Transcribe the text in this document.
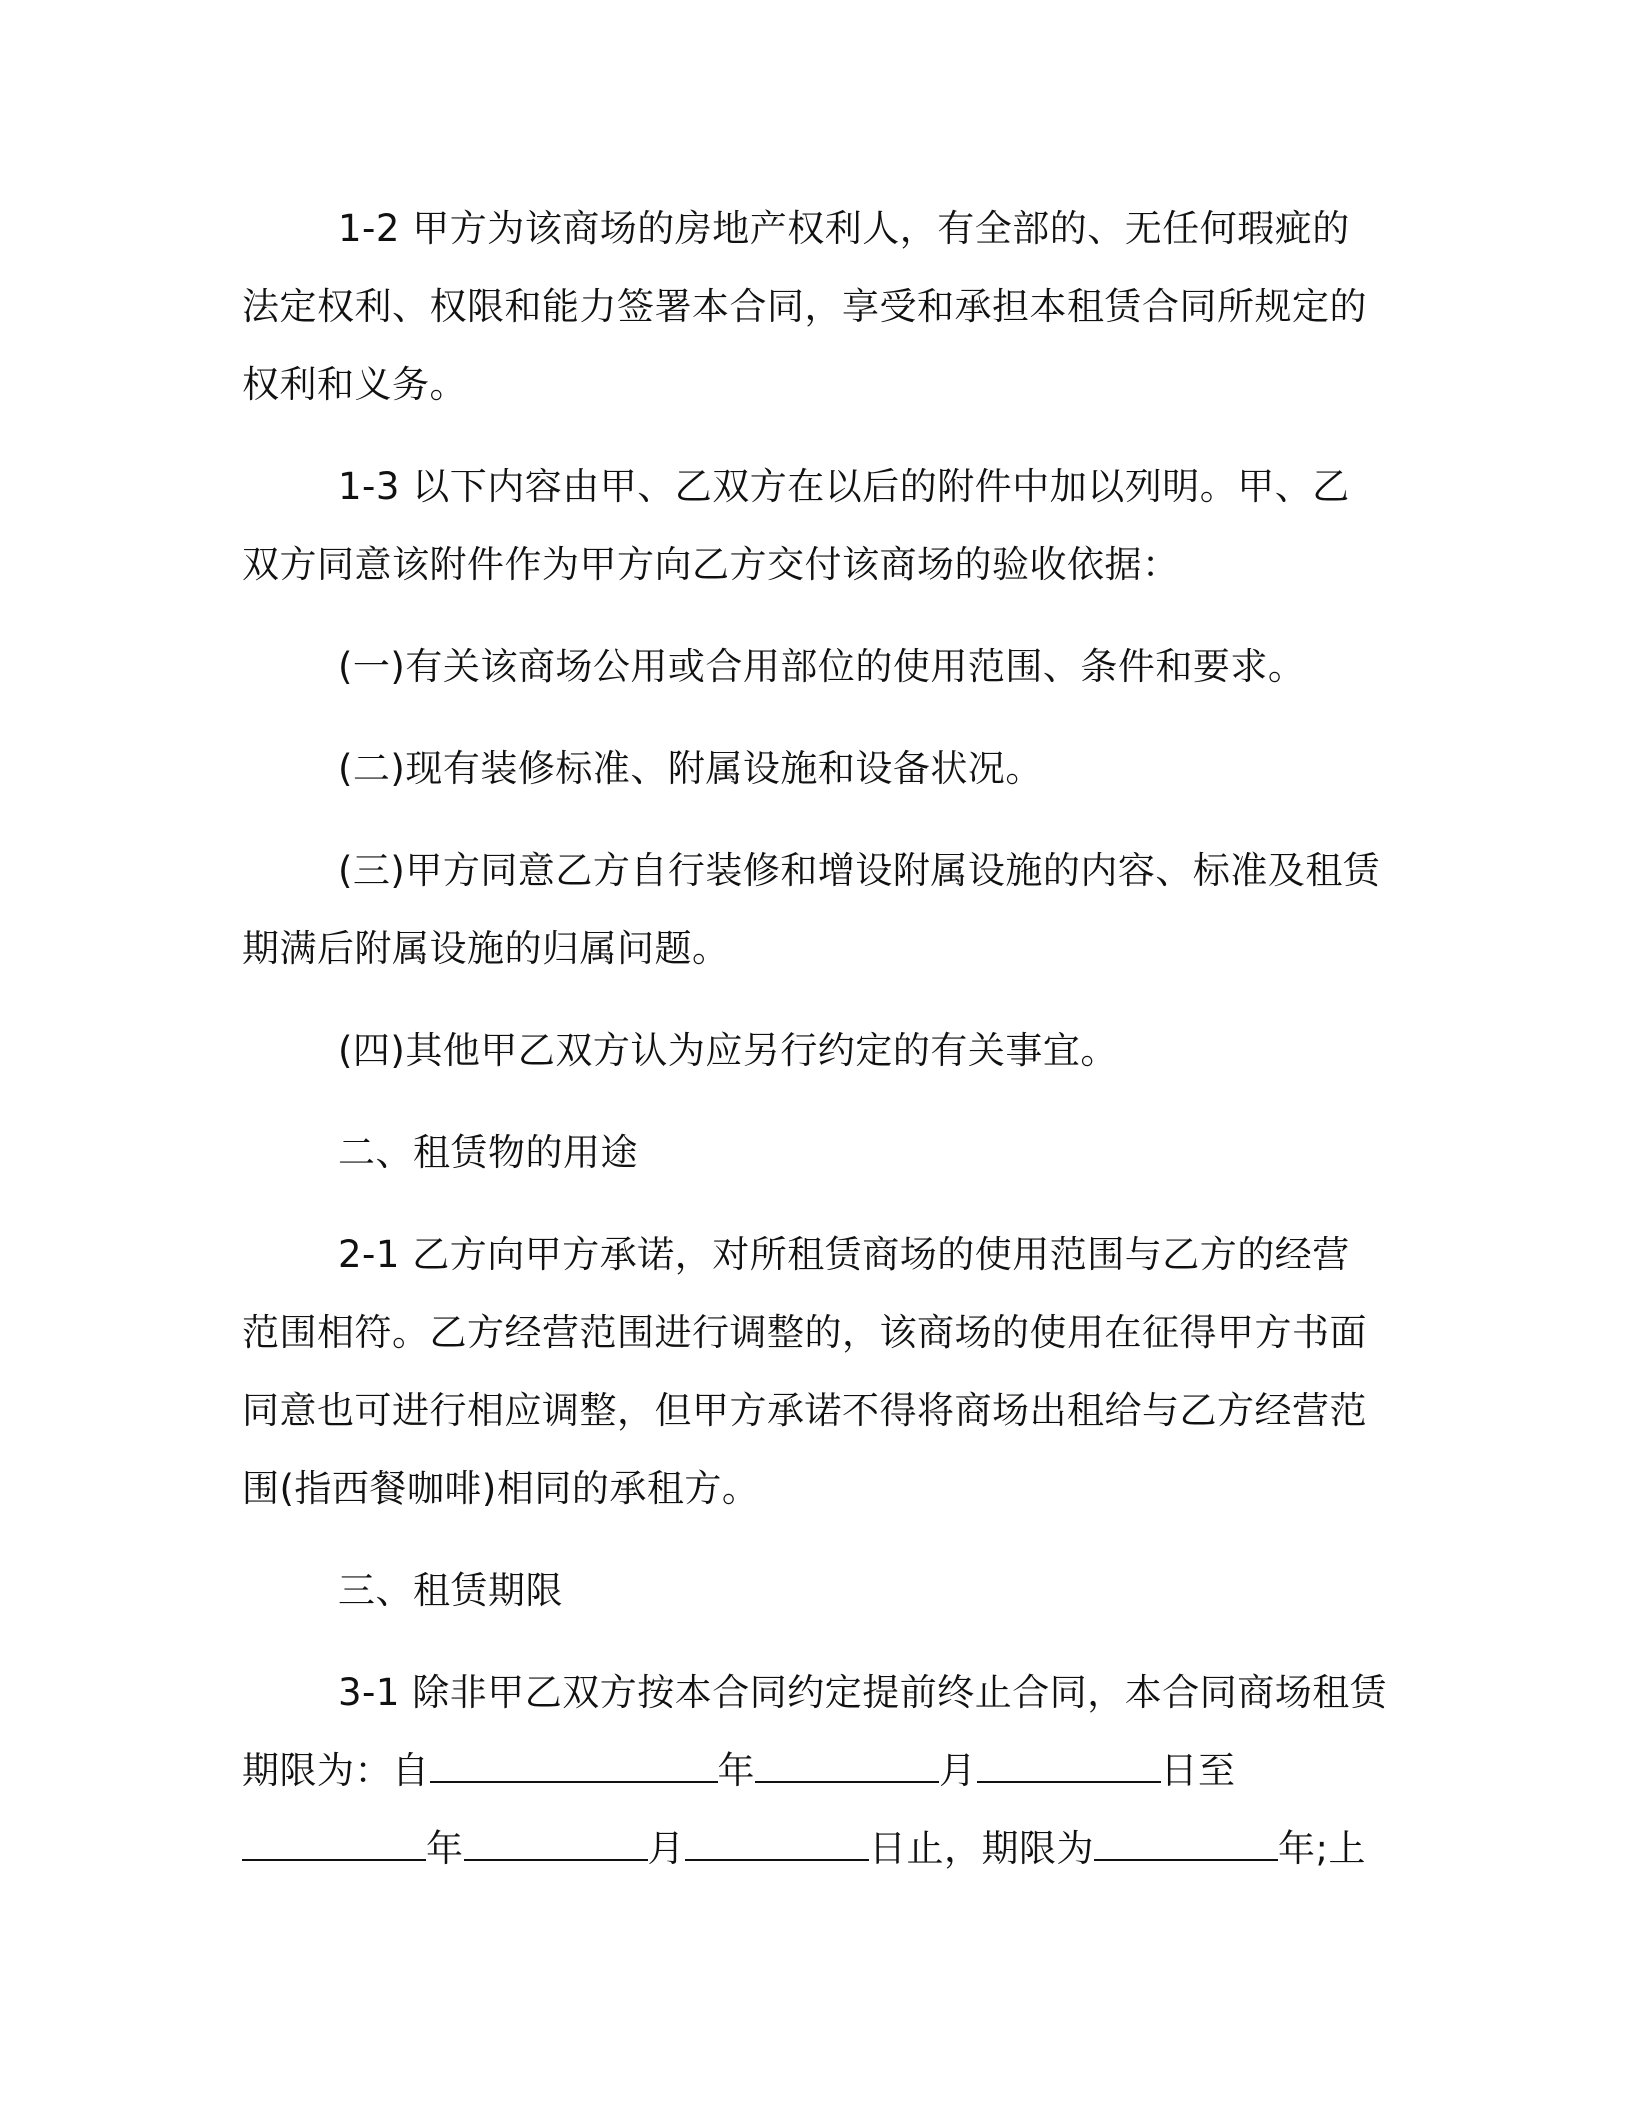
1-2 甲方为该商场的房地产权利人，有全部的、无任何瑕疵的法定权利、权限和能力签署本合同，享受和承担本租赁合同所规定的权利和义务。

1-3 以下内容由甲、乙双方在以后的附件中加以列明。甲、乙双方同意该附件作为甲方向乙方交付该商场的验收依据：

(一)有关该商场公用或合用部位的使用范围、条件和要求。

(二)现有装修标准、附属设施和设备状况。

(三)甲方同意乙方自行装修和增设附属设施的内容、标准及租赁期满后附属设施的归属问题。

(四)其他甲乙双方认为应另行约定的有关事宜。

二、租赁物的用途

2-1 乙方向甲方承诺，对所租赁商场的使用范围与乙方的经营范围相符。乙方经营范围进行调整的，该商场的使用在征得甲方书面同意也可进行相应调整，但甲方承诺不得将商场出租给与乙方经营范围(指西餐咖啡)相同的承租方。

三、租赁期限

3-1 除非甲乙双方按本合同约定提前终止合同，本合同商场租赁
期限为：自	年	月	日至
年	月	日止，期限为	年;上
